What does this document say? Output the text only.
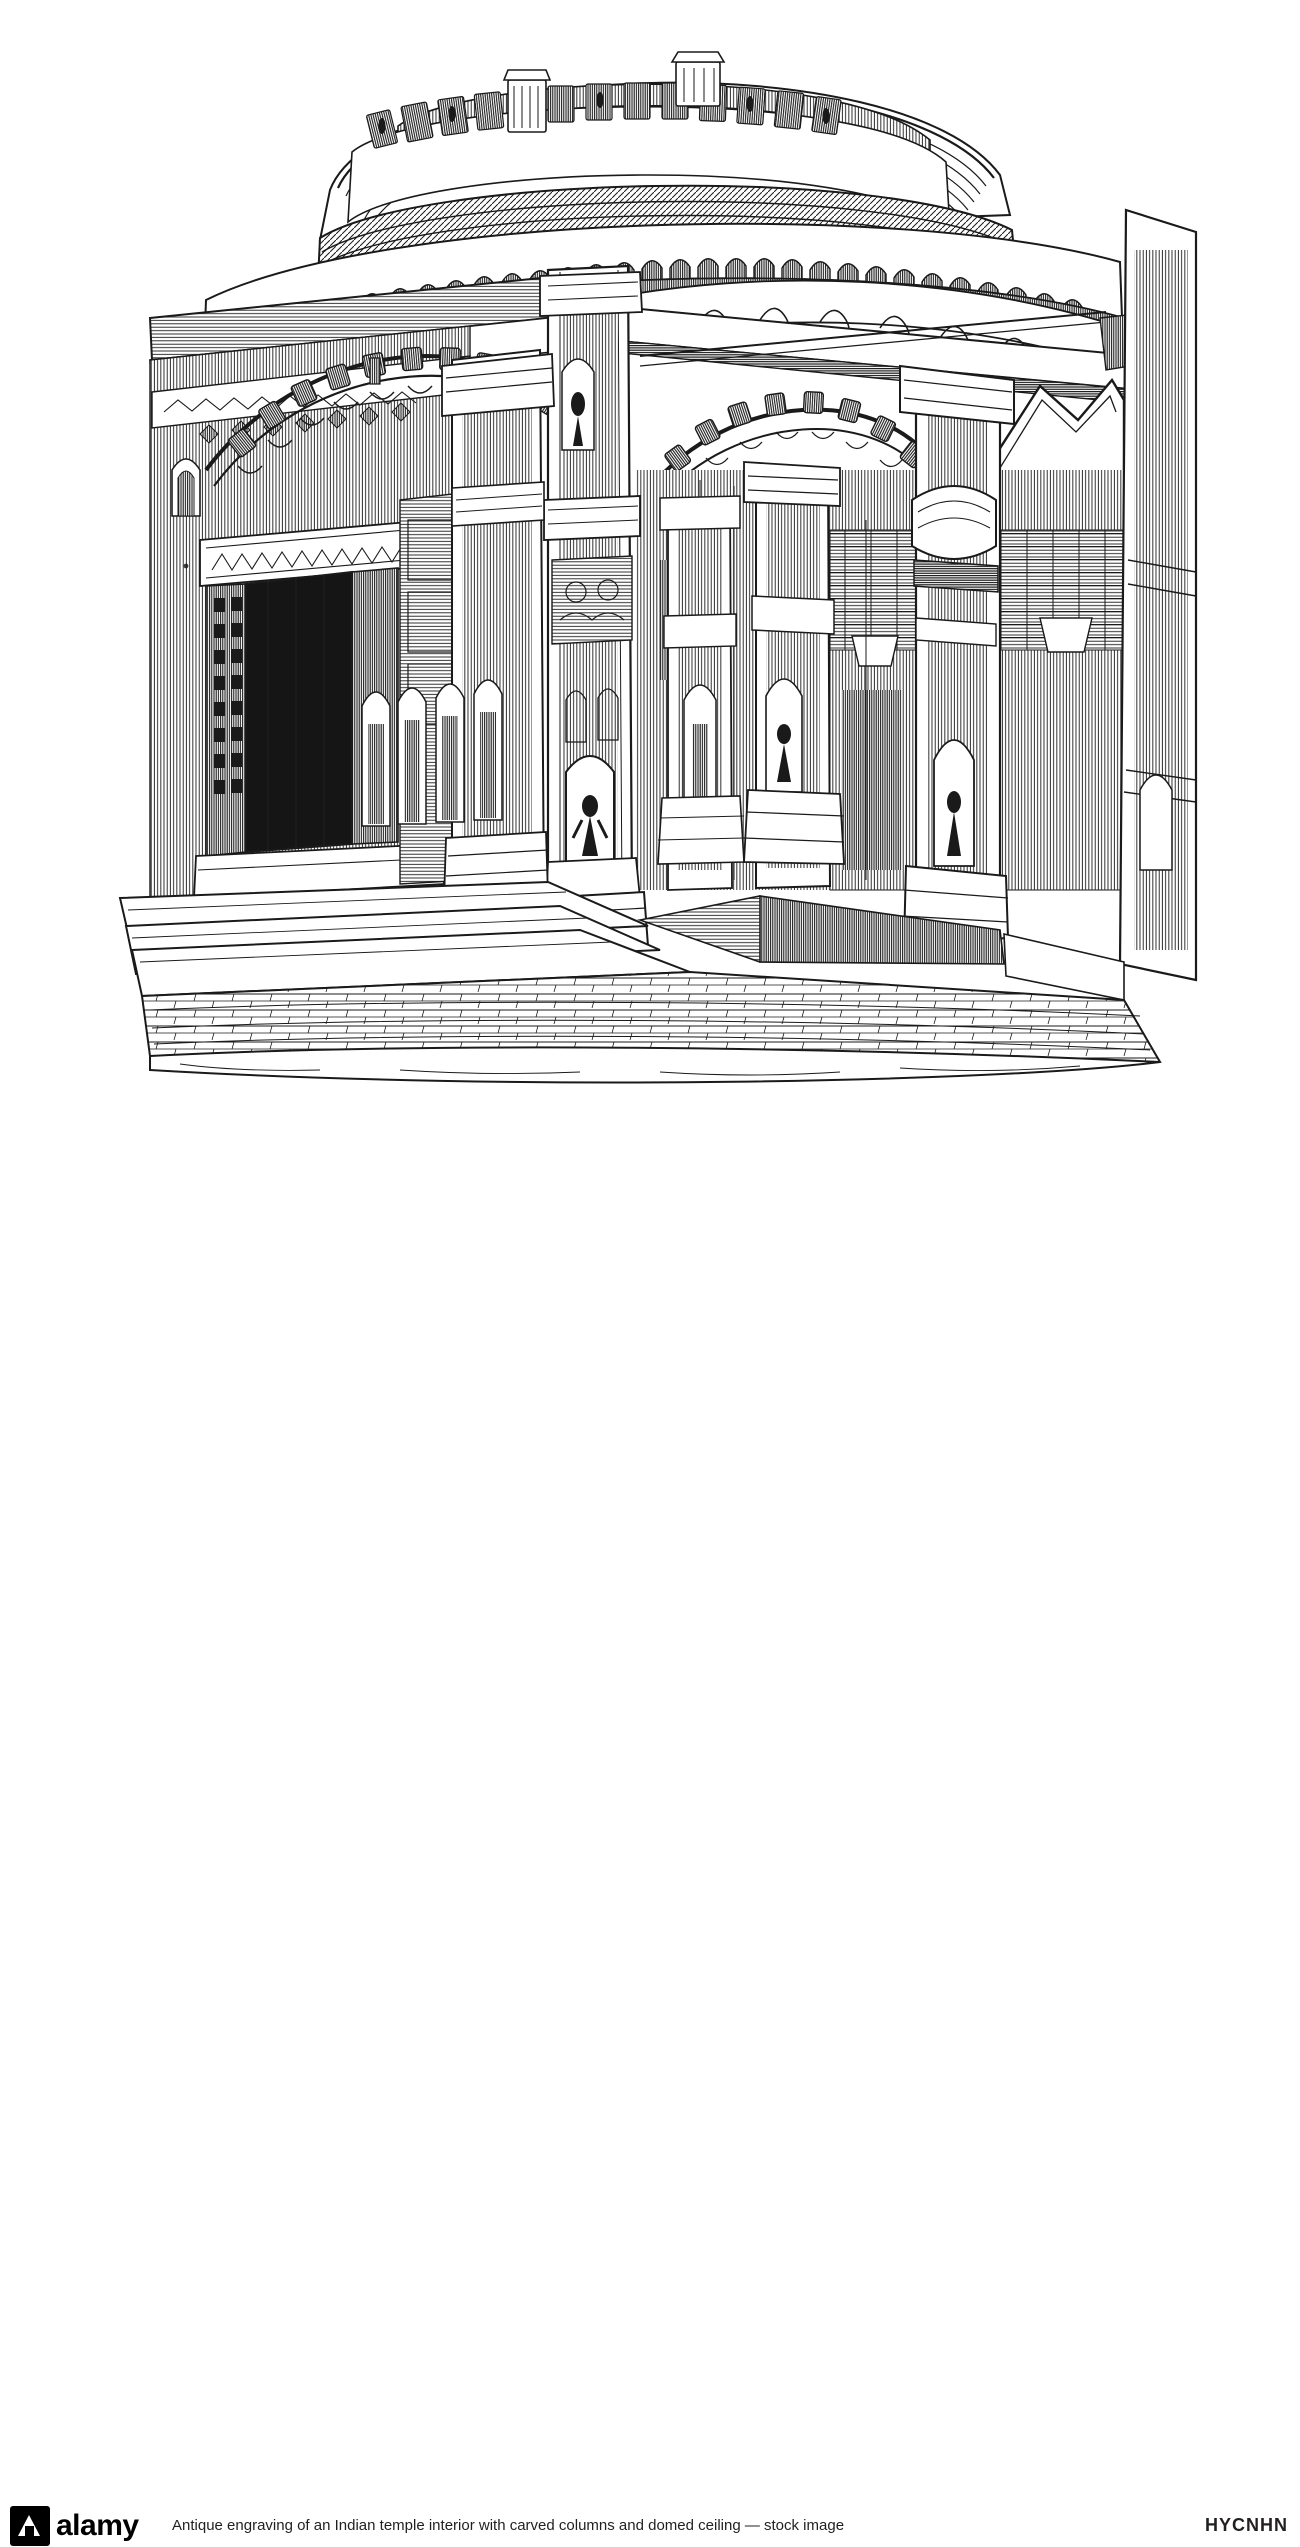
alamy Antique engraving of an Indian temple interior with carved columns and domed ceiling — stock image	HYCNHN
